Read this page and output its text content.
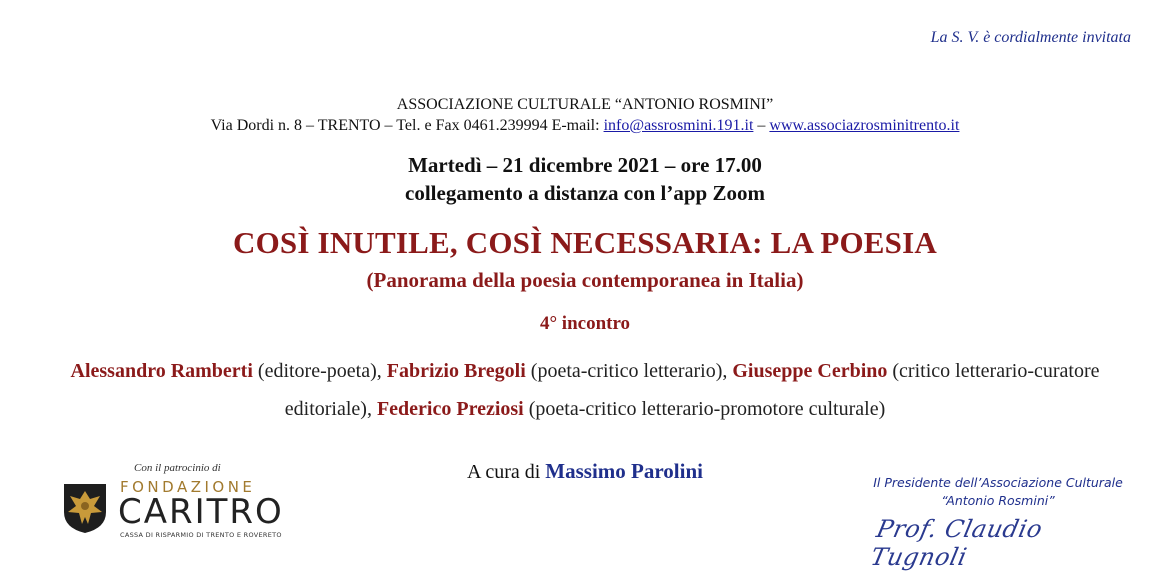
La S. V. è cordialmente invitata
ASSOCIAZIONE CULTURALE “ANTONIO ROSMINI”
Via Dordi n. 8 – TRENTO – Tel. e Fax 0461.239994 E-mail: info@assrosmini.191.it – www.associazrosminitrento.it
Martedì – 21 dicembre 2021 – ore 17.00
collegamento a distanza con l’app Zoom
COSÌ INUTILE, COSÌ NECESSARIA: LA POESIA
(Panorama della poesia contemporanea in Italia)
4° incontro
Alessandro Ramberti (editore-poeta), Fabrizio Bregoli (poeta-critico letterario), Giuseppe Cerbino (critico letterario-curatore editoriale), Federico Preziosi (poeta-critico letterario-promotore culturale)
A cura di Massimo Parolini
Con il patrocinio di
FONDAZIONE
CARITRO
CASSA DI RISPARMIO DI TRENTO E ROVERETO
Il Presidente dell’Associazione Culturale
“Antonio Rosmini”
Prof. Claudio Tugnoli
